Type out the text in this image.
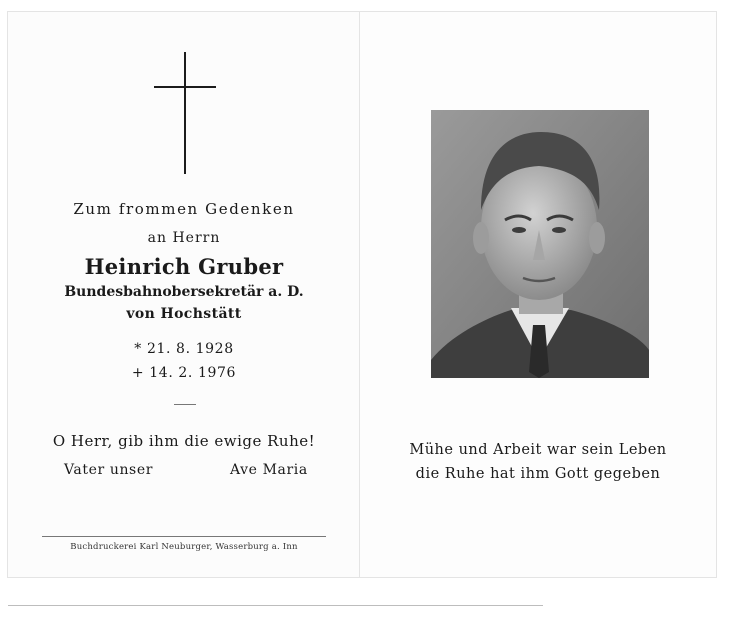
Zum frommen Gedenken
an Herrn
Heinrich Gruber
Bundesbahnobersekretär a. D.
von Hochstätt
* 21. 8. 1928
+ 14. 2. 1976
O Herr, gib ihm die ewige Ruhe!
Vater unser	Ave Maria
Buchdruckerei Karl Neuburger, Wasserburg a. Inn
Mühe und Arbeit war sein Leben
die Ruhe hat ihm Gott gegeben
